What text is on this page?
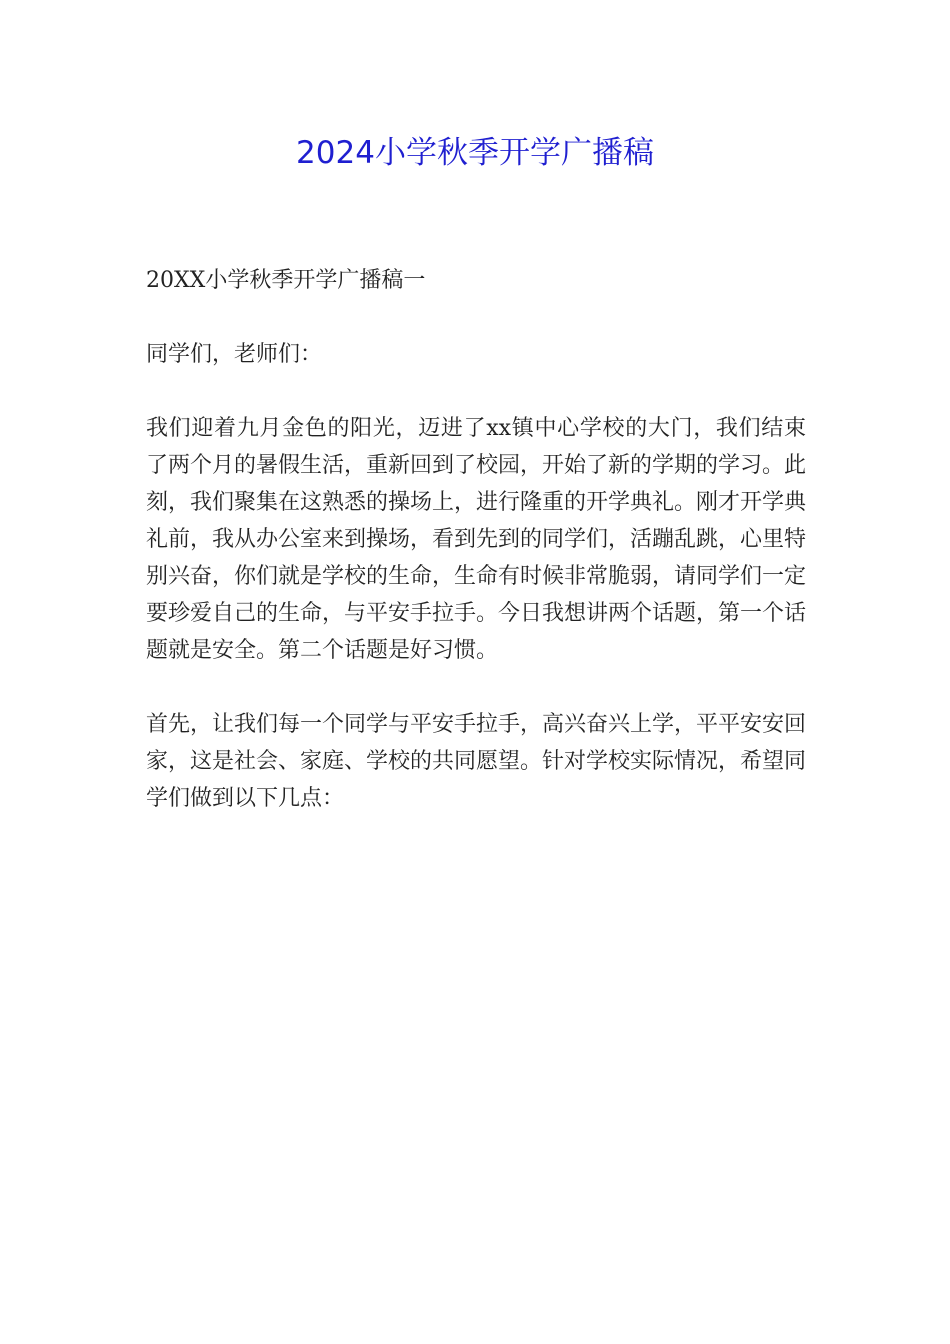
2024小学秋季开学广播稿

20XX小学秋季开学广播稿一

同学们，老师们：

我们迎着九月金色的阳光，迈进了xx镇中心学校的大门，我们结束了两个月的暑假生活，重新回到了校园，开始了新的学期的学习。此刻，我们聚集在这熟悉的操场上，进行隆重的开学典礼。刚才开学典礼前，我从办公室来到操场，看到先到的同学们，活蹦乱跳，心里特别兴奋，你们就是学校的生命，生命有时候非常脆弱，请同学们一定要珍爱自己的生命，与平安手拉手。今日我想讲两个话题，第一个话题就是安全。第二个话题是好习惯。

首先，让我们每一个同学与平安手拉手，高兴奋兴上学，平平安安回家，这是社会、家庭、学校的共同愿望。针对学校实际情况，希望同学们做到以下几点：
